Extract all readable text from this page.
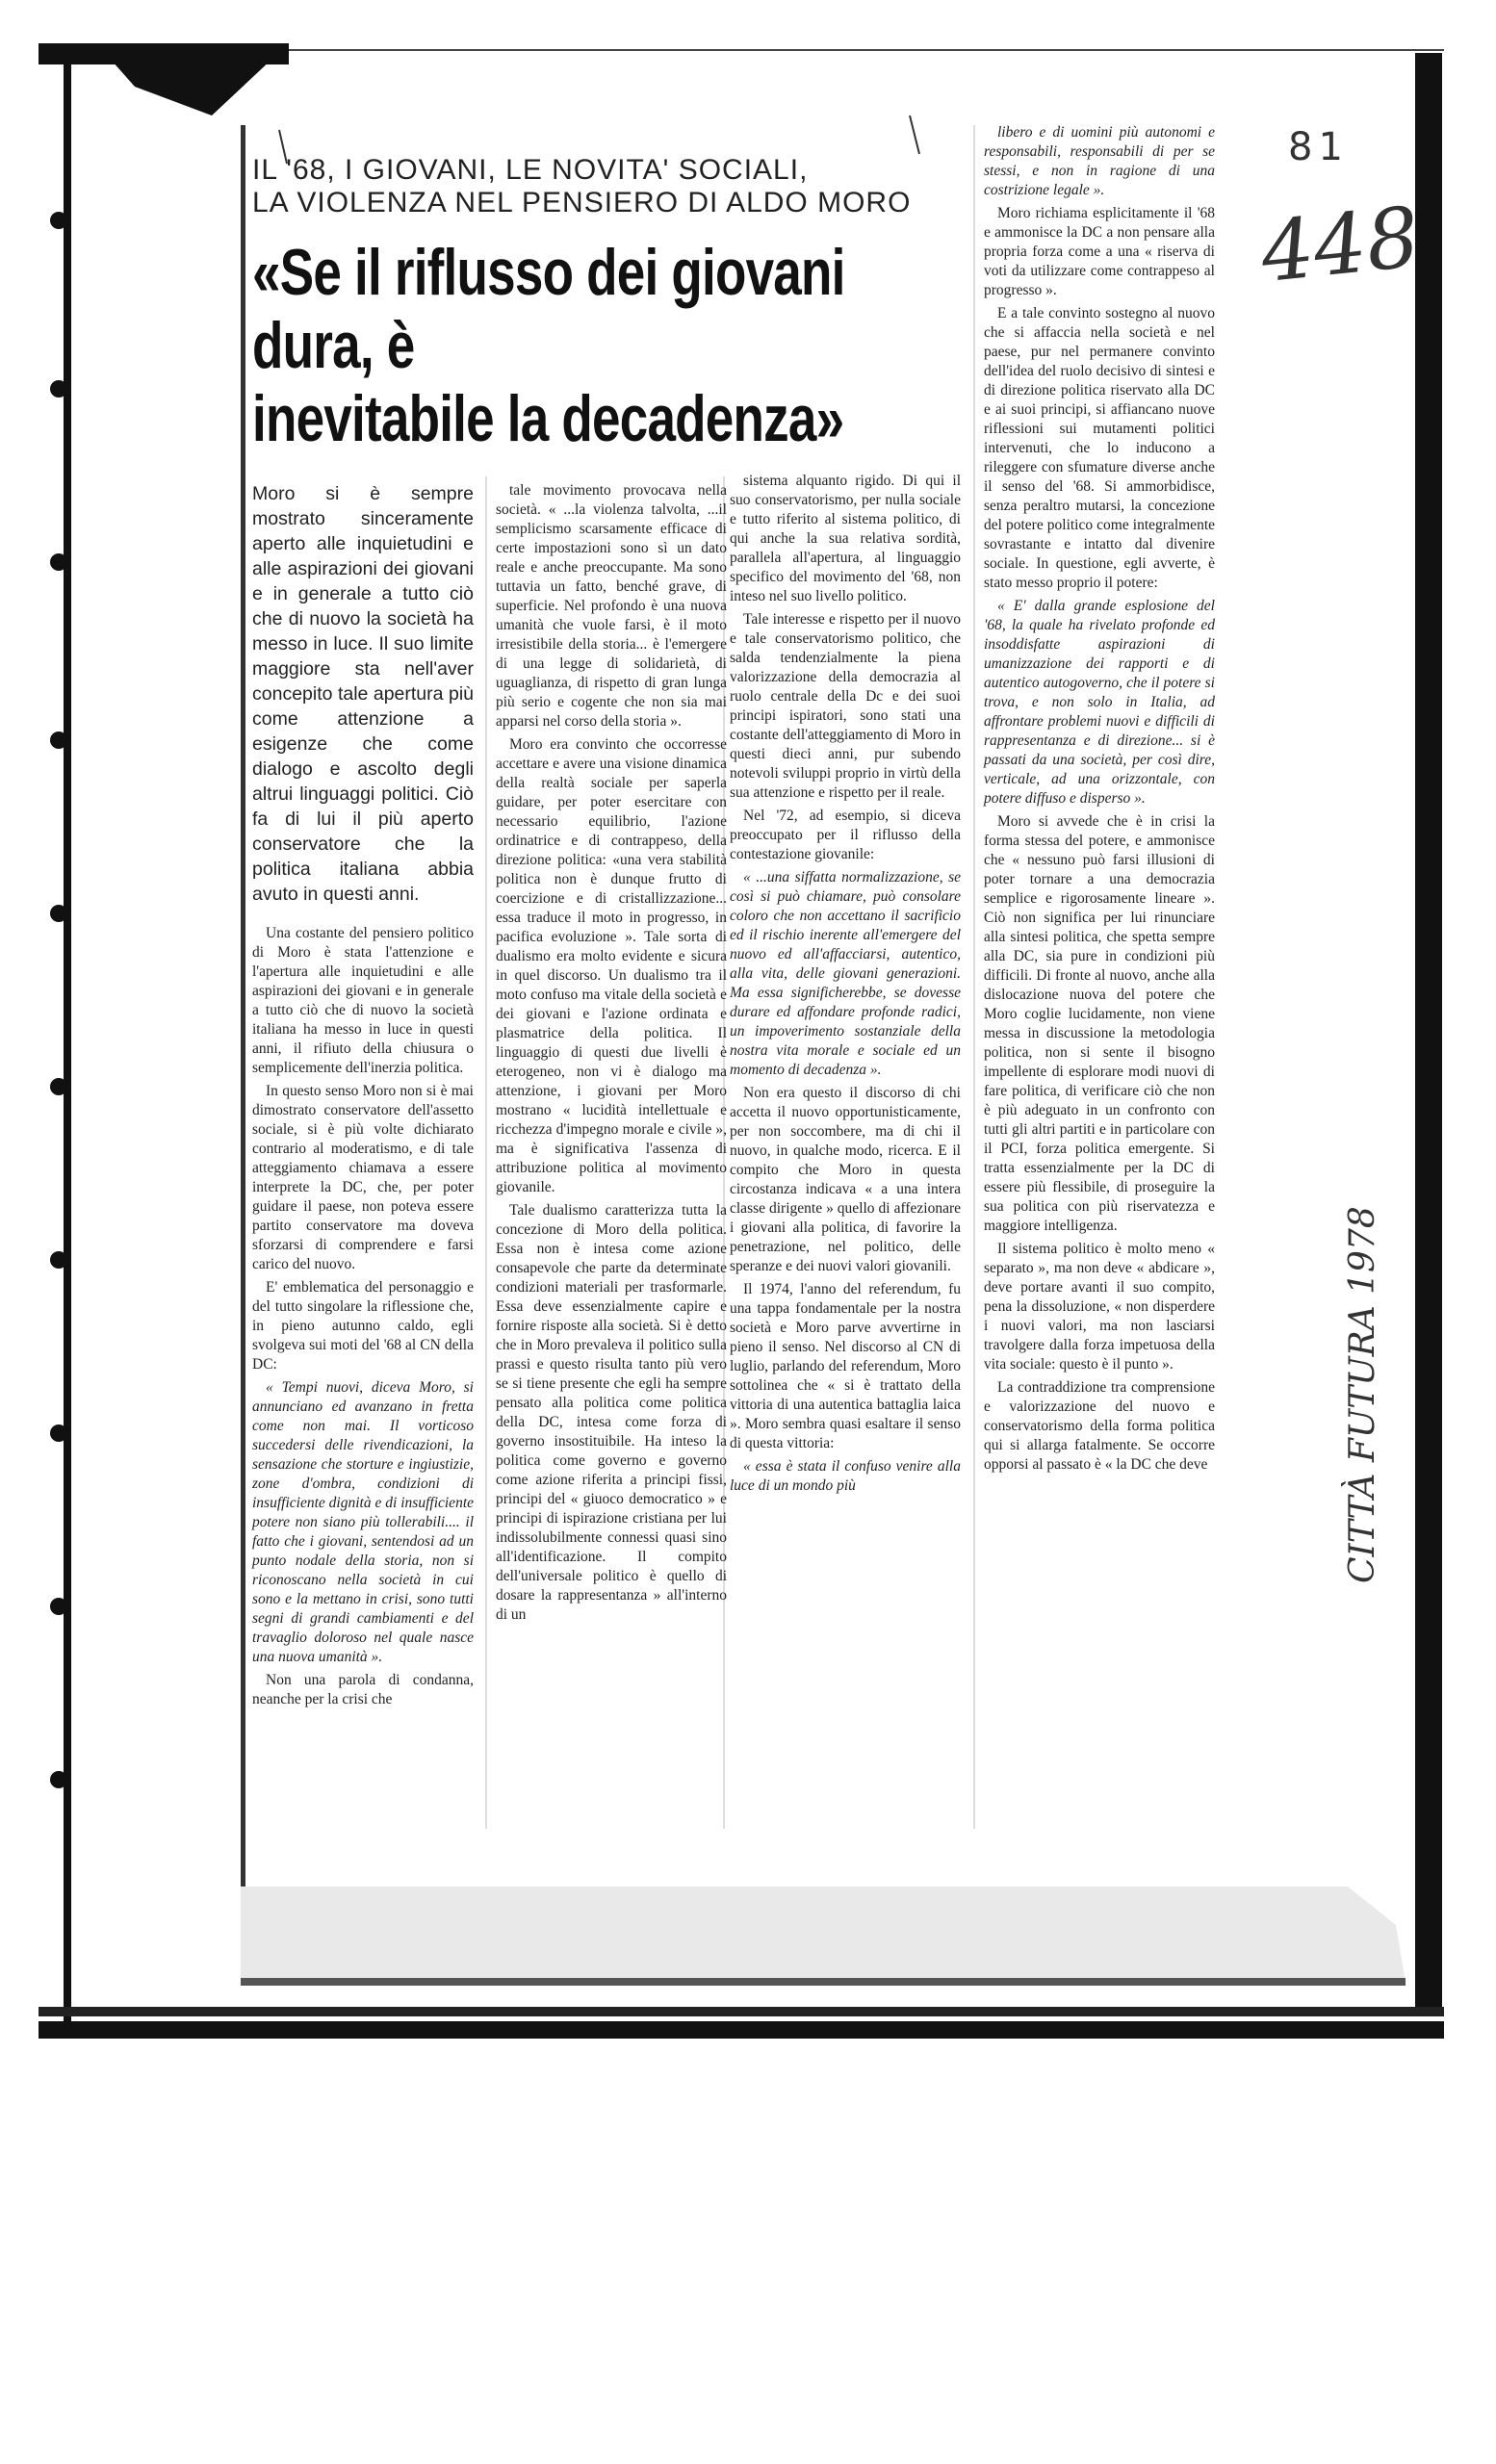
IL '68, I GIOVANI, LE NOVITA' SOCIALI,
LA VIOLENZA NEL PENSIERO DI ALDO MORO
«Se il riflusso dei giovani
dura, è
inevitabile la decadenza»

Moro si è sempre mostrato sinceramente aperto alle inquietudini e alle aspirazioni dei giovani e in generale a tutto ciò che di nuovo la società ha messo in luce. Il suo limite maggiore sta nell'aver concepito tale apertura più come attenzione a esigenze che come dialogo e ascolto degli altrui linguaggi politici. Ciò fa di lui il più aperto conservatore che la politica italiana abbia avuto in questi anni.

Una costante del pensiero politico di Moro è stata l'attenzione e l'apertura alle inquietudini e alle aspirazioni dei giovani e in generale a tutto ciò che di nuovo la società italiana ha messo in luce in questi anni, il rifiuto della chiusura o semplicemente dell'inerzia politica.

In questo senso Moro non si è mai dimostrato conservatore dell'assetto sociale, si è più volte dichiarato contrario al moderatismo, e di tale atteggiamento chiamava a essere interprete la DC, che, per poter guidare il paese, non poteva essere partito conservatore ma doveva sforzarsi di comprendere e farsi carico del nuovo.

E' emblematica del personaggio e del tutto singolare la riflessione che, in pieno autunno caldo, egli svolgeva sui moti del '68 al CN della DC:

« Tempi nuovi, diceva Moro, si annunciano ed avanzano in fretta come non mai. Il vorticoso succedersi delle rivendicazioni, la sensazione che storture e ingiustizie, zone d'ombra, condizioni di insufficiente dignità e di insufficiente potere non siano più tollerabili.... il fatto che i giovani, sentendosi ad un punto nodale della storia, non si riconoscano nella società in cui sono e la mettano in crisi, sono tutti segni di grandi cambiamenti e del travaglio doloroso nel quale nasce una nuova umanità ».

Non una parola di condanna, neanche per la crisi che

tale movimento provocava nella società. « ...la violenza talvolta, ...il semplicismo scarsamente efficace di certe impostazioni sono sì un dato reale e anche preoccupante. Ma sono tuttavia un fatto, benché grave, di superficie. Nel profondo è una nuova umanità che vuole farsi, è il moto irresistibile della storia... è l'emergere di una legge di solidarietà, di uguaglianza, di rispetto di gran lunga più serio e cogente che non sia mai apparsi nel corso della storia ».

Moro era convinto che occorresse accettare e avere una visione dinamica della realtà sociale per saperla guidare, per poter esercitare con necessario equilibrio, l'azione ordinatrice e di contrappeso, della direzione politica: «una vera stabilità politica non è dunque frutto di coercizione e di cristallizzazione... essa traduce il moto in progresso, in pacifica evoluzione ». Tale sorta di dualismo era molto evidente e sicura in quel discorso. Un dualismo tra il moto confuso ma vitale della società e dei giovani e l'azione ordinata e plasmatrice della politica. Il linguaggio di questi due livelli è eterogeneo, non vi è dialogo ma attenzione, i giovani per Moro mostrano « lucidità intellettuale e ricchezza d'impegno morale e civile », ma è significativa l'assenza di attribuzione politica al movimento giovanile.

Tale dualismo caratterizza tutta la concezione di Moro della politica. Essa non è intesa come azione consapevole che parte da determinate condizioni materiali per trasformarle. Essa deve essenzialmente capire e fornire risposte alla società. Si è detto che in Moro prevaleva il politico sulla prassi e questo risulta tanto più vero se si tiene presente che egli ha sempre pensato alla politica come politica della DC, intesa come forza di governo insostituibile. Ha inteso la politica come governo e governo come azione riferita a principi fissi, principi del « giuoco democratico » e principi di ispirazione cristiana per lui indissolubilmente connessi quasi sino all'identificazione. Il compito dell'universale politico è quello di dosare la rappresentanza » all'interno di un

sistema alquanto rigido. Di qui il suo conservatorismo, per nulla sociale e tutto riferito al sistema politico, di qui anche la sua relativa sordità, parallela all'apertura, al linguaggio specifico del movimento del '68, non inteso nel suo livello politico.

Tale interesse e rispetto per il nuovo e tale conservatorismo politico, che salda tendenzialmente la piena valorizzazione della democrazia al ruolo centrale della Dc e dei suoi principi ispiratori, sono stati una costante dell'atteggiamento di Moro in questi dieci anni, pur subendo notevoli sviluppi proprio in virtù della sua attenzione e rispetto per il reale.

Nel '72, ad esempio, si diceva preoccupato per il riflusso della contestazione giovanile:

« ...una siffatta normalizzazione, se così si può chiamare, può consolare coloro che non accettano il sacrificio ed il rischio inerente all'emergere del nuovo ed all'affacciarsi, autentico, alla vita, delle giovani generazioni. Ma essa significherebbe, se dovesse durare ed affondare profonde radici, un impoverimento sostanziale della nostra vita morale e sociale ed un momento di decadenza ».

Non era questo il discorso di chi accetta il nuovo opportunisticamente, per non soccombere, ma di chi il nuovo, in qualche modo, ricerca. E il compito che Moro in questa circostanza indicava « a una intera classe dirigente » quello di affezionare i giovani alla politica, di favorire la penetrazione, nel politico, delle speranze e dei nuovi valori giovanili.

Il 1974, l'anno del referendum, fu una tappa fondamentale per la nostra società e Moro parve avvertirne in pieno il senso. Nel discorso al CN di luglio, parlando del referendum, Moro sottolinea che « si è trattato della vittoria di una autentica battaglia laica ». Moro sembra quasi esaltare il senso di questa vittoria:

« essa è stata il confuso venire alla luce di un mondo più

libero e di uomini più autonomi e responsabili, responsabili di per se stessi, e non in ragione di una costrizione legale ».

Moro richiama esplicitamente il '68 e ammonisce la DC a non pensare alla propria forza come a una « riserva di voti da utilizzare come contrappeso al progresso ».

E a tale convinto sostegno al nuovo che si affaccia nella società e nel paese, pur nel permanere convinto dell'idea del ruolo decisivo di sintesi e di direzione politica riservato alla DC e ai suoi principi, si affiancano nuove riflessioni sui mutamenti politici intervenuti, che lo inducono a rileggere con sfumature diverse anche il senso del '68. Si ammorbidisce, senza peraltro mutarsi, la concezione del potere politico come integralmente sovrastante e intatto dal divenire sociale. In questione, egli avverte, è stato messo proprio il potere:

« E' dalla grande esplosione del '68, la quale ha rivelato profonde ed insoddisfatte aspirazioni di umanizzazione dei rapporti e di autentico autogoverno, che il potere si trova, e non solo in Italia, ad affrontare problemi nuovi e difficili di rappresentanza e di direzione... si è passati da una società, per così dire, verticale, ad una orizzontale, con potere diffuso e disperso ».

Moro si avvede che è in crisi la forma stessa del potere, e ammonisce che « nessuno può farsi illusioni di poter tornare a una democrazia semplice e rigorosamente lineare ». Ciò non significa per lui rinunciare alla sintesi politica, che spetta sempre alla DC, sia pure in condizioni più difficili. Di fronte al nuovo, anche alla dislocazione nuova del potere che Moro coglie lucidamente, non viene messa in discussione la metodologia politica, non si sente il bisogno impellente di esplorare modi nuovi di fare politica, di verificare ciò che non è più adeguato in un confronto con tutti gli altri partiti e in particolare con il PCI, forza politica emergente. Si tratta essenzialmente per la DC di essere più flessibile, di proseguire la sua politica con più riservatezza e maggiore intelligenza.

Il sistema politico è molto meno « separato », ma non deve « abdicare », deve portare avanti il suo compito, pena la dissoluzione, « non disperdere i nuovi valori, ma non lasciarsi travolgere dalla forza impetuosa della vita sociale: questo è il punto ».

La contraddizione tra comprensione e valorizzazione del nuovo e conservatorismo della forma politica qui si allarga fatalmente. Se occorre opporsi al passato è « la DC che deve

81
448
CITTÀ FUTURA 1978
